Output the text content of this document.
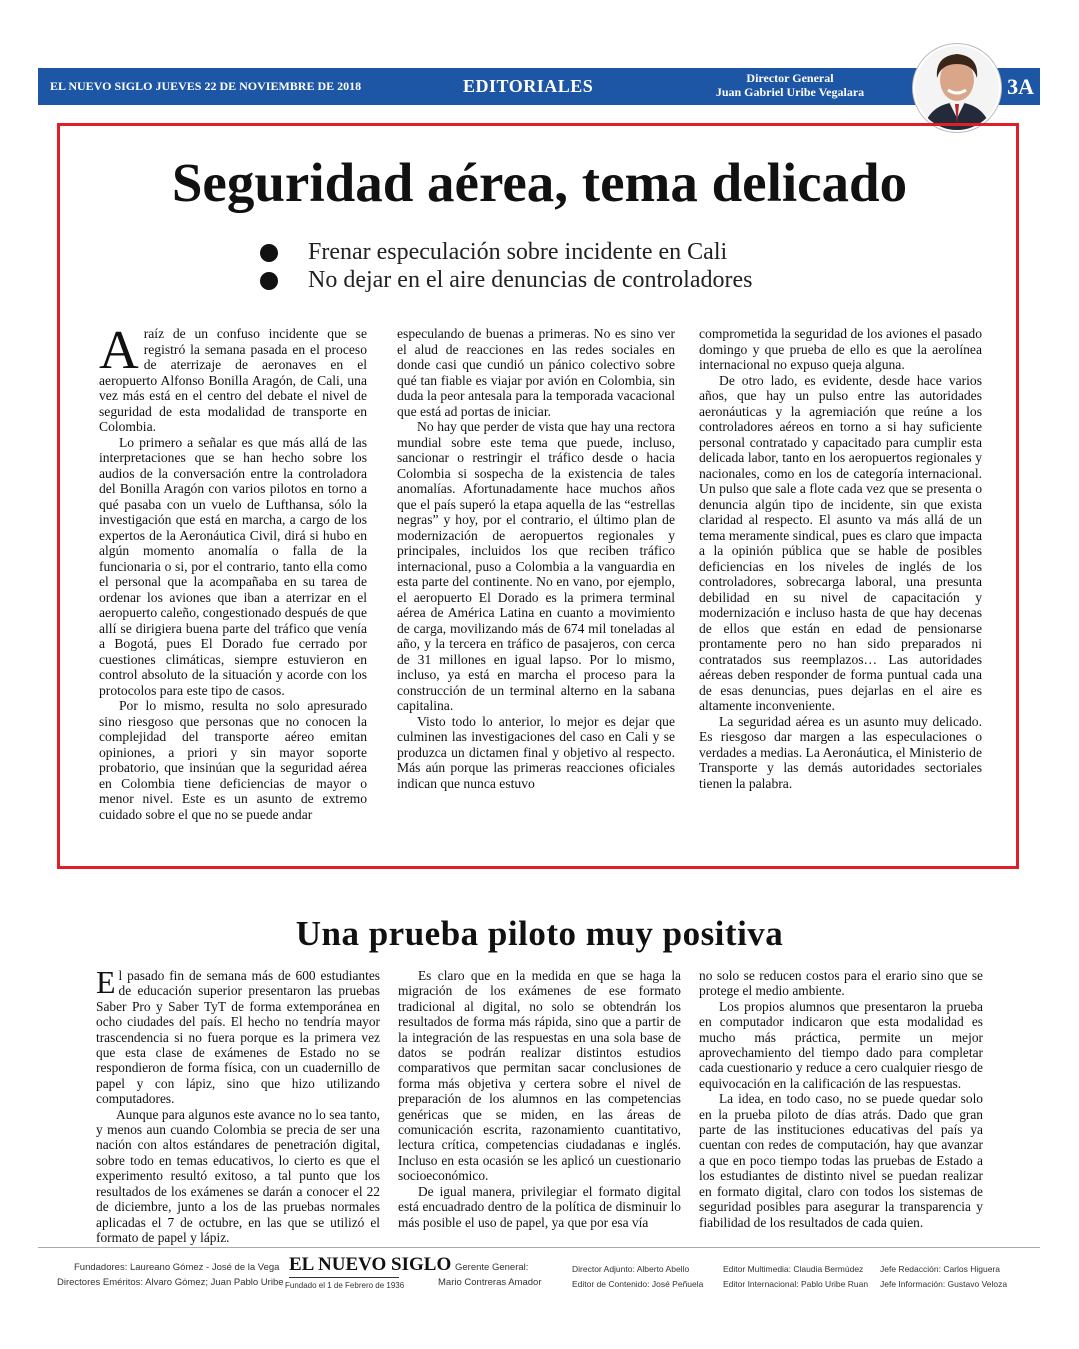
EL NUEVO SIGLO JUEVES 22 DE NOVIEMBRE DE 2018	EDITORIALES	Director General
Juan Gabriel Uribe Vegalara	3A
Seguridad aérea, tema delicado
Frenar especulación sobre incidente en Cali
No dejar en el aire denuncias de controladores

Araíz de un confuso incidente que se registró la semana pasada en el proceso de aterrizaje de aeronaves en el aeropuerto Alfonso Bonilla Aragón, de Cali, una vez más está en el centro del debate el nivel de seguridad de esta modalidad de transporte en Colombia.

Lo primero a señalar es que más allá de las interpretaciones que se han hecho sobre los audios de la conversación entre la controladora del Bonilla Aragón con varios pilotos en torno a qué pasaba con un vuelo de Lufthansa, sólo la investigación que está en marcha, a cargo de los expertos de la Aeronáutica Civil, dirá si hubo en algún momento anomalía o falla de la funcionaria o si, por el contrario, tanto ella como el personal que la acompañaba en su tarea de ordenar los aviones que iban a aterrizar en el aeropuerto caleño, congestionado después de que allí se dirigiera buena parte del tráfico que venía a Bogotá, pues El Dorado fue cerrado por cuestiones climáticas, siempre estuvieron en control absoluto de la situación y acorde con los protocolos para este tipo de casos.

Por lo mismo, resulta no solo apresurado sino riesgoso que personas que no conocen la complejidad del transporte aéreo emitan opiniones, a priori y sin mayor soporte probatorio, que insinúan que la seguridad aérea en Colombia tiene deficiencias de mayor o menor nivel. Este es un asunto de extremo cuidado sobre el que no se puede andar

especulando de buenas a primeras. No es sino ver el alud de reacciones en las redes sociales en donde casi que cundió un pánico colectivo sobre qué tan fiable es viajar por avión en Colombia, sin duda la peor antesala para la temporada vacacional que está ad portas de iniciar.

No hay que perder de vista que hay una rectora mundial sobre este tema que puede, incluso, sancionar o restringir el tráfico desde o hacia Colombia si sospecha de la existencia de tales anomalías. Afortunadamente hace muchos años que el país superó la etapa aquella de las “estrellas negras” y hoy, por el contrario, el último plan de modernización de aeropuertos regionales y principales, incluidos los que reciben tráfico internacional, puso a Colombia a la vanguardia en esta parte del continente. No en vano, por ejemplo, el aeropuerto El Dorado es la primera terminal aérea de América Latina en cuanto a movimiento de carga, movilizando más de 674 mil toneladas al año, y la tercera en tráfico de pasajeros, con cerca de 31 millones en igual lapso. Por lo mismo, incluso, ya está en marcha el proceso para la construcción de un terminal alterno en la sabana capitalina.

Visto todo lo anterior, lo mejor es dejar que culminen las investigaciones del caso en Cali y se produzca un dictamen final y objetivo al respecto. Más aún porque las primeras reacciones oficiales indican que nunca estuvo

comprometida la seguridad de los aviones el pasado domingo y que prueba de ello es que la aerolínea internacional no expuso queja alguna.

De otro lado, es evidente, desde hace varios años, que hay un pulso entre las autoridades aeronáuticas y la agremiación que reúne a los controladores aéreos en torno a si hay suficiente personal contratado y capacitado para cumplir esta delicada labor, tanto en los aeropuertos regionales y nacionales, como en los de categoría internacional. Un pulso que sale a flote cada vez que se presenta o denuncia algún tipo de incidente, sin que exista claridad al respecto. El asunto va más allá de un tema meramente sindical, pues es claro que impacta a la opinión pública que se hable de posibles deficiencias en los niveles de inglés de los controladores, sobrecarga laboral, una presunta debilidad en su nivel de capacitación y modernización e incluso hasta de que hay decenas de ellos que están en edad de pensionarse prontamente pero no han sido preparados ni contratados sus reemplazos… Las autoridades aéreas deben responder de forma puntual cada una de esas denuncias, pues dejarlas en el aire es altamente inconveniente.

La seguridad aérea es un asunto muy delicado. Es riesgoso dar margen a las especulaciones o verdades a medias. La Aeronáutica, el Ministerio de Transporte y las demás autoridades sectoriales tienen la palabra.

Una prueba piloto muy positiva

El pasado fin de semana más de 600 estudiantes de educación superior presentaron las pruebas Saber Pro y Saber TyT de forma extemporánea en ocho ciudades del país. El hecho no tendría mayor trascendencia si no fuera porque es la primera vez que esta clase de exámenes de Estado no se respondieron de forma física, con un cuadernillo de papel y con lápiz, sino que hizo utilizando computadores.

Aunque para algunos este avance no lo sea tanto, y menos aun cuando Colombia se precia de ser una nación con altos estándares de penetración digital, sobre todo en temas educativos, lo cierto es que el experimento resultó exitoso, a tal punto que los resultados de los exámenes se darán a conocer el 22 de diciembre, junto a los de las pruebas normales aplicadas el 7 de octubre, en las que se utilizó el formato de papel y lápiz.

Es claro que en la medida en que se haga la migración de los exámenes de ese formato tradicional al digital, no solo se obtendrán los resultados de forma más rápida, sino que a partir de la integración de las respuestas en una sola base de datos se podrán realizar distintos estudios comparativos que permitan sacar conclusiones de forma más objetiva y certera sobre el nivel de preparación de los alumnos en las competencias genéricas que se miden, en las áreas de comunicación escrita, razonamiento cuantitativo, lectura crítica, competencias ciudadanas e inglés. Incluso en esta ocasión se les aplicó un cuestionario socioeconómico.

De igual manera, privilegiar el formato digital está encuadrado dentro de la política de disminuir lo más posible el uso de papel, ya que por esa vía

no solo se reducen costos para el erario sino que se protege el medio ambiente.

Los propios alumnos que presentaron la prueba en computador indicaron que esta modalidad es mucho más práctica, permite un mejor aprovechamiento del tiempo dado para completar cada cuestionario y reduce a cero cualquier riesgo de equivocación en la calificación de las respuestas.

La idea, en todo caso, no se puede quedar solo en la prueba piloto de días atrás. Dado que gran parte de las instituciones educativas del país ya cuentan con redes de computación, hay que avanzar a que en poco tiempo todas las pruebas de Estado a los estudiantes de distinto nivel se puedan realizar en formato digital, claro con todos los sistemas de seguridad posibles para asegurar la transparencia y fiabilidad de los resultados de cada quien.

Fundadores: Laureano Gómez - José de la Vega
Directores Eméritos: Alvaro Gómez; Juan Pablo Uribe
EL NUEVO SIGLO
Fundado el 1 de Febrero de 1936
Gerente General:
Mario Contreras Amador
Director Adjunto: Alberto Abello
Editor de Contenido: José Peñuela
Editor Multimedia: Claudia Bermúdez
Editor Internacional: Pablo Uribe Ruan
Jefe Redacción: Carlos Higuera
Jefe Información: Gustavo Veloza
